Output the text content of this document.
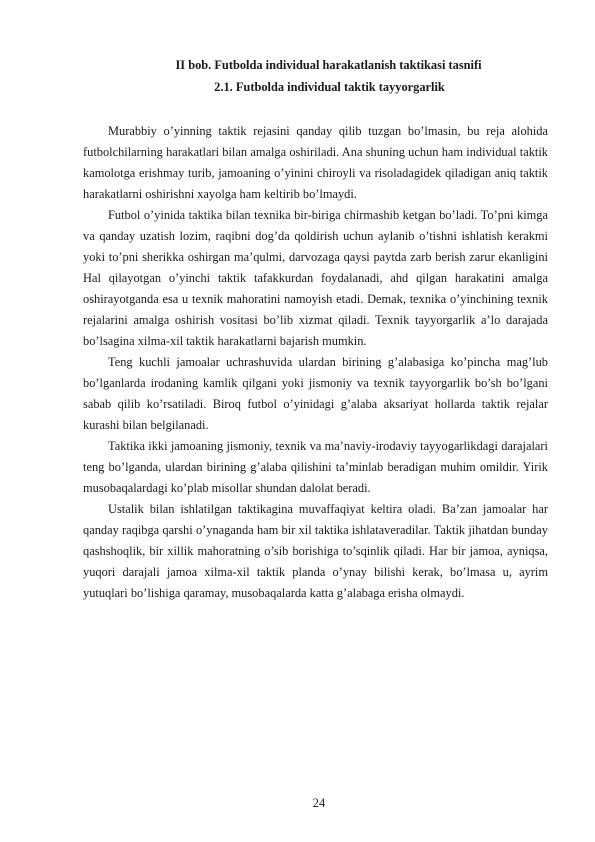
II bob. Futbolda individual harakatlanish taktikasi tasnifi
2.1. Futbolda individual taktik tayyorgarlik

Murabbiy o’yinning taktik rejasini qanday qilib tuzgan bo’lmasin, bu reja alohida futbolchilarning harakatlari bilan amalga oshiriladi. Ana shuning uchun ham individual taktik kamolotga erishmay turib, jamoaning o’yinini chiroyli va risoladagidek qiladigan aniq taktik harakatlarni oshirishni xayolga ham keltirib bo’lmaydi.

Futbol o’yinida taktika bilan texnika bir-biriga chirmashib ketgan bo’ladi. To’pni kimga va qanday uzatish lozim, raqibni dog’da qoldirish uchun aylanib o’tishni ishlatish kerakmi yoki to’pni sherikka oshirgan ma’qulmi, darvozaga qaysi paytda zarb berish zarur ekanligini Hal qilayotgan o’yinchi taktik tafakkurdan foydalanadi, ahd qilgan harakatini amalga oshirayotganda esa u texnik mahoratini namoyish etadi. Demak, texnika o’yinchining texnik rejalarini amalga oshirish vositasi bo’lib xizmat qiladi. Texnik tayyorgarlik a’lo darajada bo’lsagina xilma-xil taktik harakatlarni bajarish mumkin.

Teng kuchli jamoalar uchrashuvida ulardan birining g’alabasiga ko’pincha mag’lub bo’lganlarda irodaning kamlik qilgani yoki jismoniy va texnik tayyorgarlik bo’sh bo’lgani sabab qilib ko’rsatiladi. Biroq futbol o’yinidagi g’alaba aksariyat hollarda taktik rejalar kurashi bilan belgilanadi.

Taktika ikki jamoaning jismoniy, texnik va ma’naviy-irodaviy tayyogarlikdagi darajalari teng bo’lganda, ulardan birining g’alaba qilishini ta’minlab beradigan muhim omildir. Yirik musobaqalardagi ko’plab misollar shundan dalolat beradi.

Ustalik bilan ishlatilgan taktikagina muvaffaqiyat keltira oladi. Ba’zan jamoalar har qanday raqibga qarshi o’ynaganda ham bir xil taktika ishlataveradilar. Taktik jihatdan bunday qashshoqlik, bir xillik mahoratning o’sib borishiga to’sqinlik qiladi. Har bir jamoa, ayniqsa, yuqori darajali jamoa xilma-xil taktik planda o’ynay bilishi kerak, bo’lmasa u, ayrim yutuqlari bo’lishiga qaramay, musobaqalarda katta g’alabaga erisha olmaydi.

24
